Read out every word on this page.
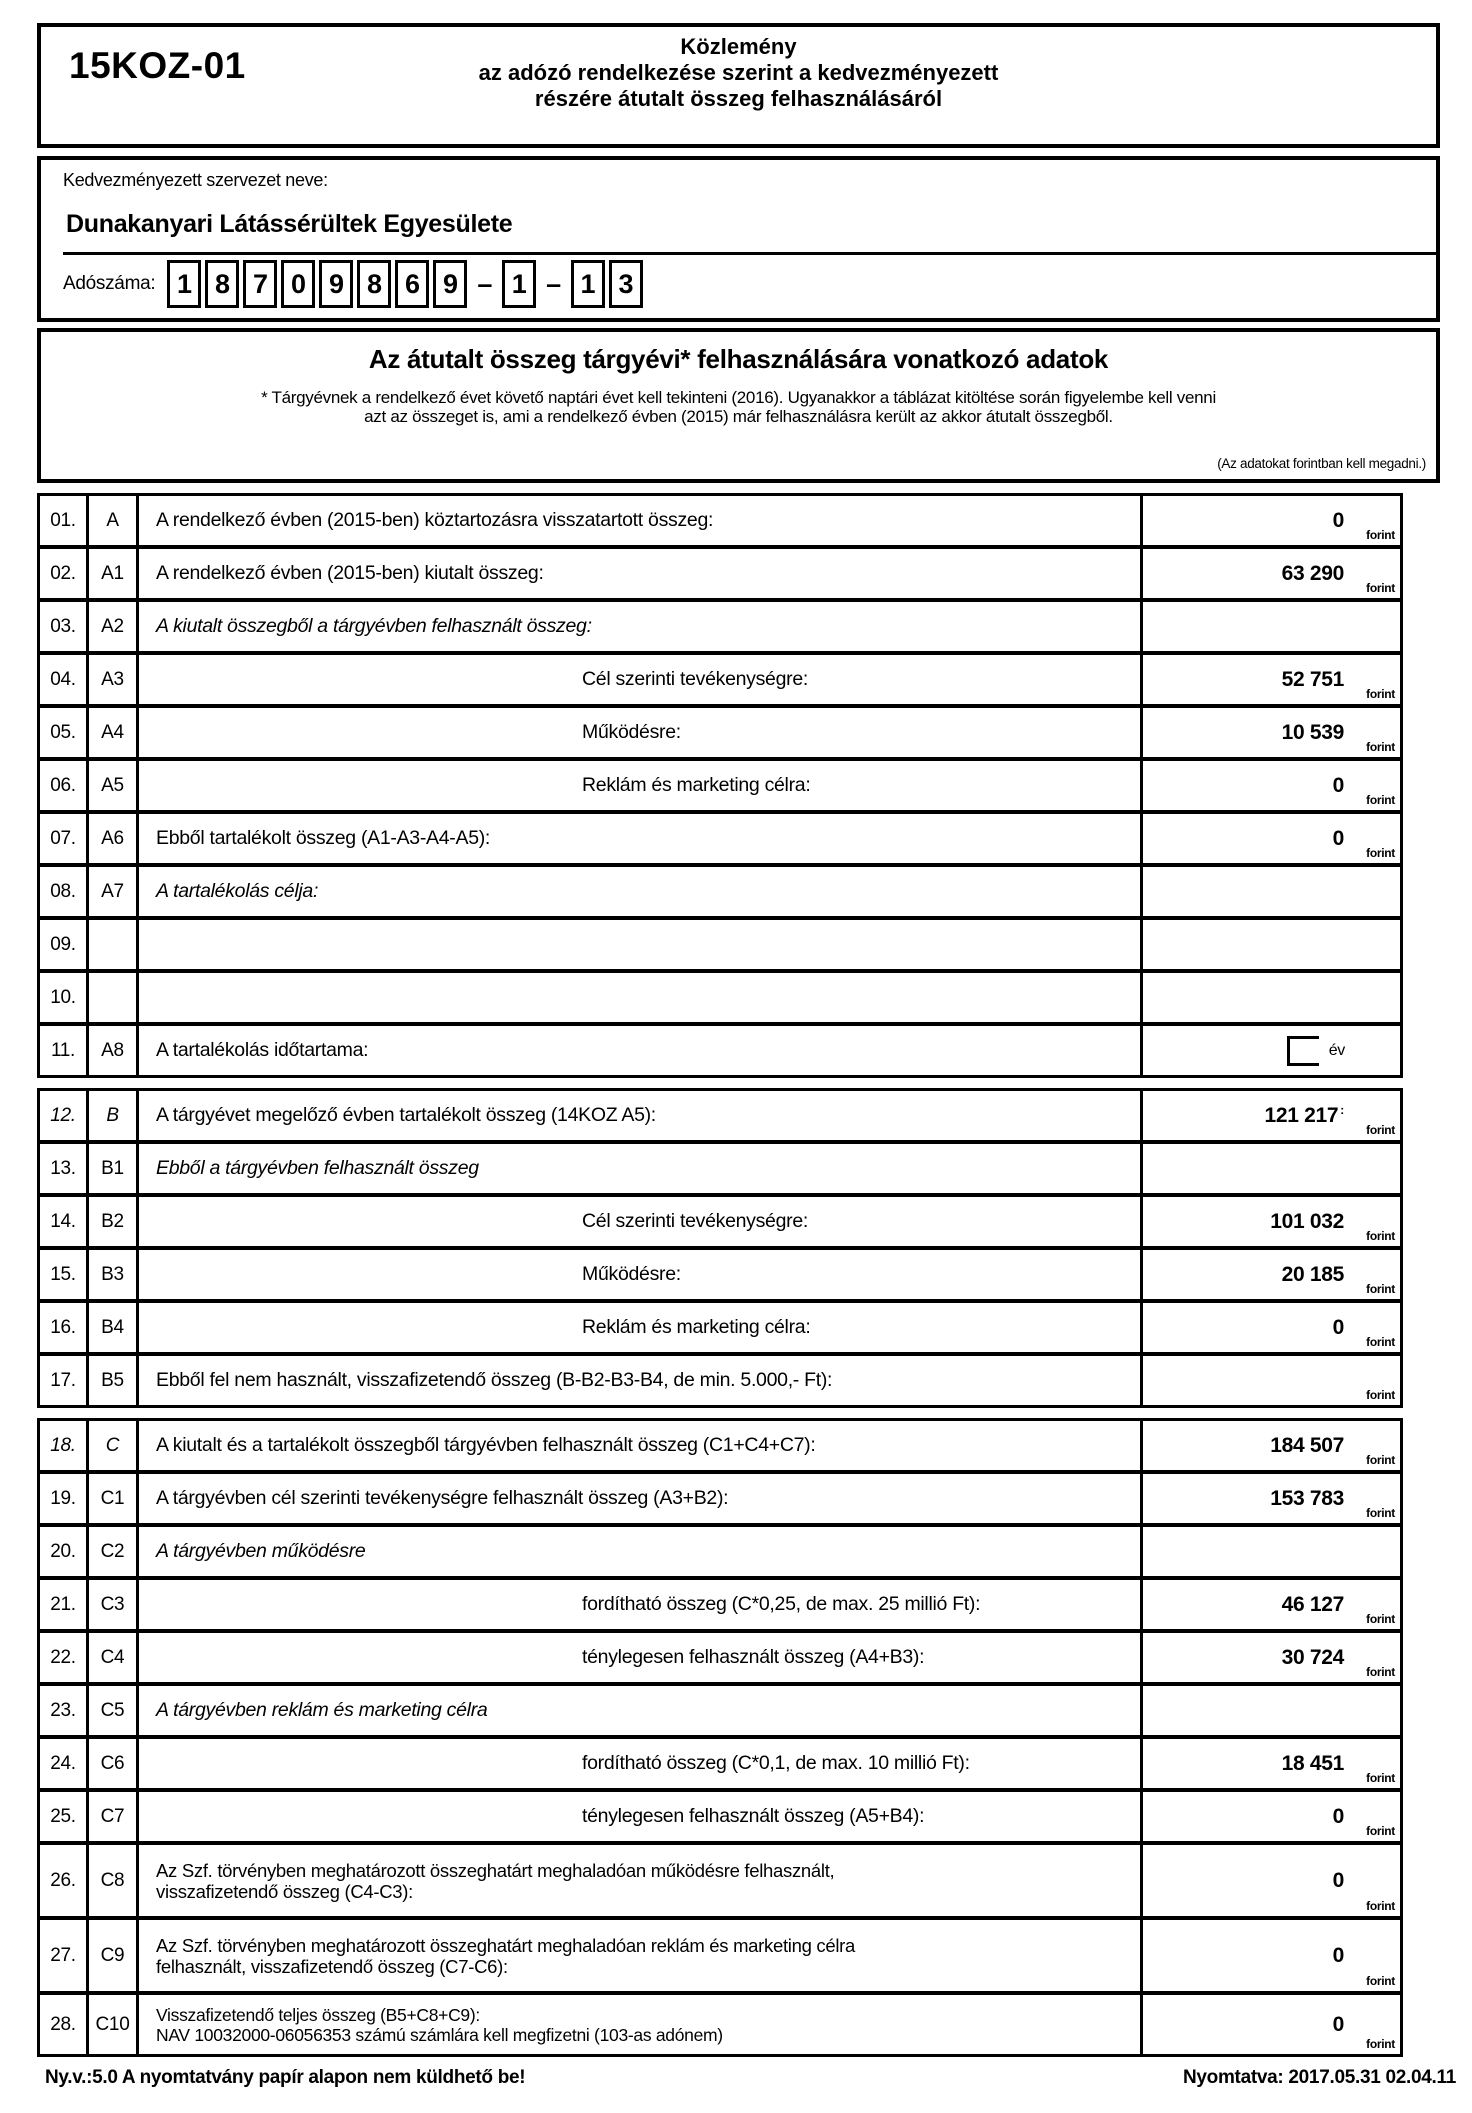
15KOZ-01	Közlemény
az adózó rendelkezése szerint a kedvezményezett
részére átutalt összeg felhasználásáról
Kedvezményezett szervezet neve:
Dunakanyari Látássérültek Egyesülete
Adószáma: 1 8 7 0 9 8 6 9 – 1 – 1 3
Az átutalt összeg tárgyévi* felhasználására vonatkozó adatok
* Tárgyévnek a rendelkező évet követő naptári évet kell tekinteni (2016). Ugyanakkor a táblázat kitöltése során figyelembe kell venni
azt az összeget is, ami a rendelkező évben (2015) már felhasználásra került az akkor átutalt összegből.
(Az adatokat forintban kell megadni.)
01.	A	A rendelkező évben (2015-ben) köztartozásra visszatartott összeg:	0
forint
02.	A1	A rendelkező évben (2015-ben) kiutalt összeg:	63 290
forint
03.	A2	A kiutalt összegből a tárgyévben felhasznált összeg:
04.	A3	Cél szerinti tevékenységre:	52 751
forint
05.	A4	Működésre:	10 539
forint
06.	A5	Reklám és marketing célra:	0
forint
07.	A6	Ebből tartalékolt összeg (A1-A3-A4-A5):	0
forint
08.	A7	A tartalékolás célja:
09.
10.
11.	A8	A tartalékolás időtartama:	év
12.	B	A tárgyévet megelőző évben tartalékolt összeg (14KOZ A5):	121 217 :
forint
13.	B1	Ebből a tárgyévben felhasznált összeg
14.	B2	Cél szerinti tevékenységre:	101 032
forint
15.	B3	Működésre:	20 185
forint
16.	B4	Reklám és marketing célra:	0
forint
17.	B5	Ebből fel nem használt, visszafizetendő összeg (B-B2-B3-B4, de min. 5.000,- Ft):
forint
18.	C	A kiutalt és a tartalékolt összegből tárgyévben felhasznált összeg (C1+C4+C7):	184 507
forint
19.	C1	A tárgyévben cél szerinti tevékenységre felhasznált összeg (A3+B2):	153 783
forint
20.	C2	A tárgyévben működésre
21.	C3	fordítható összeg (C*0,25, de max. 25 millió Ft):	46 127
forint
22.	C4	ténylegesen felhasznált összeg (A4+B3):	30 724
forint
23.	C5	A tárgyévben reklám és marketing célra
24.	C6	fordítható összeg (C*0,1, de max. 10 millió Ft):	18 451
forint
25.	C7	ténylegesen felhasznált összeg (A5+B4):	0
forint
26.	C8	Az Szf. törvényben meghatározott összeghatárt meghaladóan működésre felhasznált,
visszafizetendő összeg (C4-C3):	0
forint
27.	C9	Az Szf. törvényben meghatározott összeghatárt meghaladóan reklám és marketing célra
felhasznált, visszafizetendő összeg (C7-C6):	0
forint
28.	C10	Visszafizetendő teljes összeg (B5+C8+C9):
NAV 10032000-06056353 számú számlára kell megfizetni (103-as adónem)	0
forint
Ny.v.:5.0 A nyomtatvány papír alapon nem küldhető be!	Nyomtatva: 2017.05.31 02.04.11
